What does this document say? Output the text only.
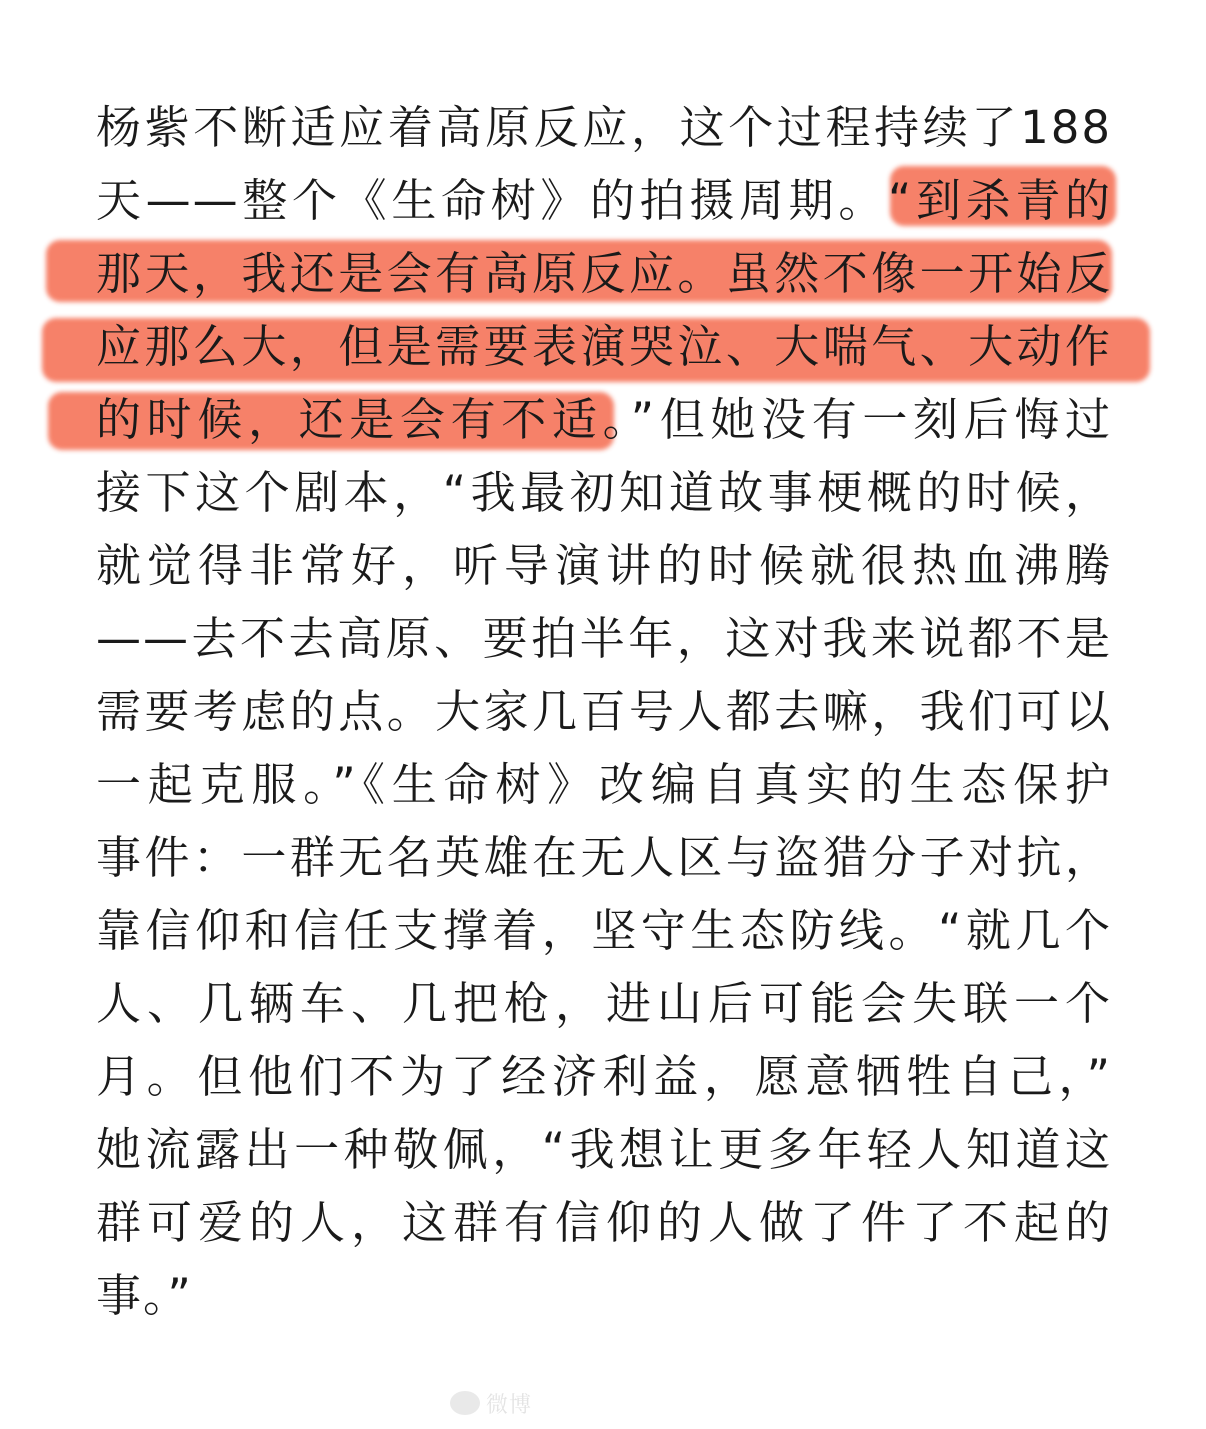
杨紫不断适应着高原反应，这个过程持续了188
天——整个《生命树》的拍摄周期。“到杀青的
那天，我还是会有高原反应。虽然不像一开始反
应那么大，但是需要表演哭泣、大喘气、大动作
的时候，还是会有不适。”但她没有一刻后悔过
接下这个剧本，“我最初知道故事梗概的时候，
就觉得非常好，听导演讲的时候就很热血沸腾
——去不去高原、要拍半年，这对我来说都不是
需要考虑的点。大家几百号人都去嘛，我们可以
一起克服。”《生命树》改编自真实的生态保护
事件：一群无名英雄在无人区与盗猎分子对抗，
靠信仰和信任支撑着，坚守生态防线。“就几个
人、几辆车、几把枪，进山后可能会失联一个
月。但他们不为了经济利益，愿意牺牲自己，”
她流露出一种敬佩，“我想让更多年轻人知道这
群可爱的人，这群有信仰的人做了件了不起的
事。”
微博
